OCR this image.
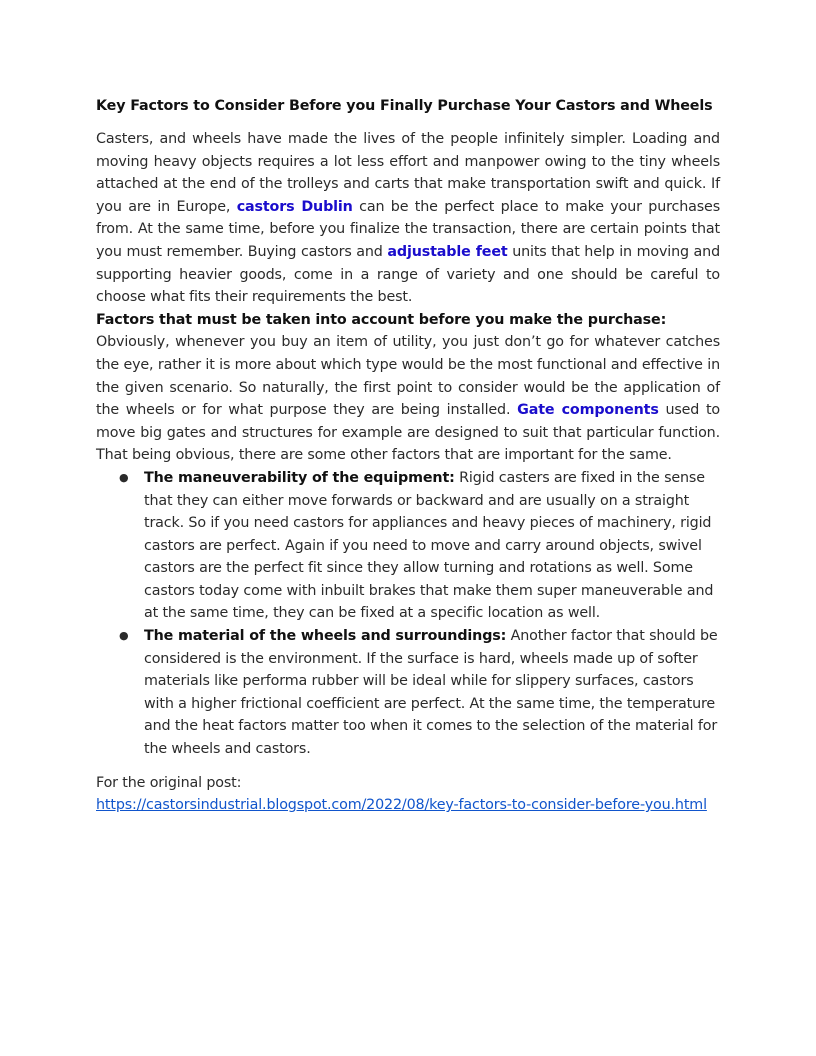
Key Factors to Consider Before you Finally Purchase Your Castors and Wheels

Casters, and wheels have made the lives of the people infinitely simpler. Loading and moving heavy objects requires a lot less effort and manpower owing to the tiny wheels attached at the end of the trolleys and carts that make transportation swift and quick. If you are in Europe, castors Dublin can be the perfect place to make your purchases from. At the same time, before you finalize the transaction, there are certain points that you must remember. Buying castors and adjustable feet units that help in moving and supporting heavier goods, come in a range of variety and one should be careful to choose what fits their requirements the best.

Factors that must be taken into account before you make the purchase:

Obviously, whenever you buy an item of utility, you just don’t go for whatever catches the eye, rather it is more about which type would be the most functional and effective in the given scenario. So naturally, the first point to consider would be the application of the wheels or for what purpose they are being installed. Gate components used to move big gates and structures for example are designed to suit that particular function. That being obvious, there are some other factors that are important for the same.

● The maneuverability of the equipment: Rigid casters are fixed in the sense that they can either move forwards or backward and are usually on a straight track. So if you need castors for appliances and heavy pieces of machinery, rigid castors are perfect. Again if you need to move and carry around objects, swivel castors are the perfect fit since they allow turning and rotations as well. Some castors today come with inbuilt brakes that make them super maneuverable and at the same time, they can be fixed at a specific location as well.
● The material of the wheels and surroundings: Another factor that should be considered is the environment. If the surface is hard, wheels made up of softer materials like performa rubber will be ideal while for slippery surfaces, castors with a higher frictional coefficient are perfect. At the same time, the temperature and the heat factors matter too when it comes to the selection of the material for the wheels and castors.
For the original post:
https://castorsindustrial.blogspot.com/2022/08/key-factors-to-consider-before-you.html
